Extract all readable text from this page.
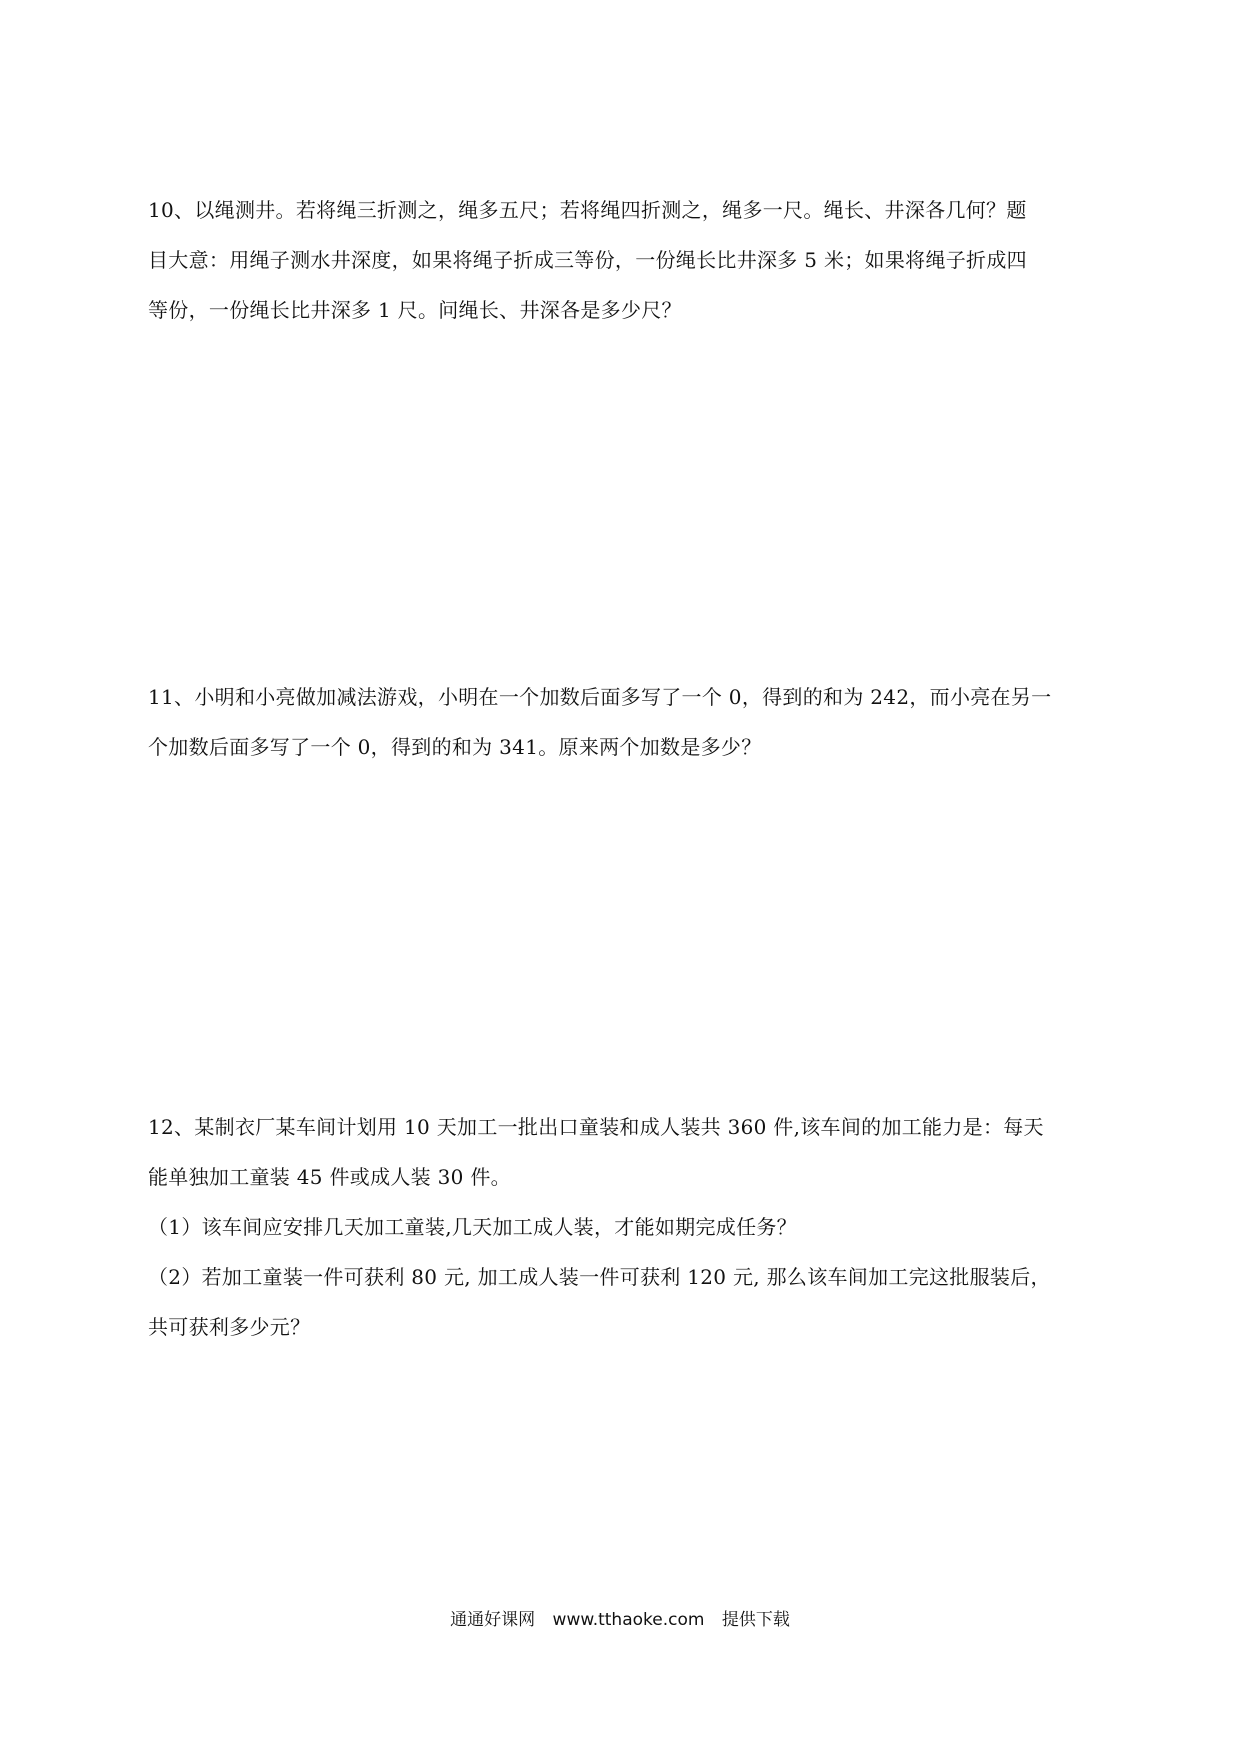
10、以绳测井。若将绳三折测之，绳多五尺；若将绳四折测之，绳多一尺。绳长、井深各几何？题

目大意：用绳子测水井深度，如果将绳子折成三等份，一份绳长比井深多 5 米；如果将绳子折成四

等份，一份绳长比井深多 1 尺。问绳长、井深各是多少尺？

11、小明和小亮做加减法游戏，小明在一个加数后面多写了一个 0，得到的和为 242，而小亮在另一

个加数后面多写了一个 0，得到的和为 341。原来两个加数是多少？

12、某制衣厂某车间计划用 10 天加工一批出口童装和成人装共 360 件,该车间的加工能力是：每天

能单独加工童装 45 件或成人装 30 件。

（1）该车间应安排几天加工童装,几天加工成人装，才能如期完成任务？

（2）若加工童装一件可获利 80 元, 加工成人装一件可获利 120 元, 那么该车间加工完这批服装后，

共可获利多少元？

通通好课网 www.tthaoke.com 提供下载
